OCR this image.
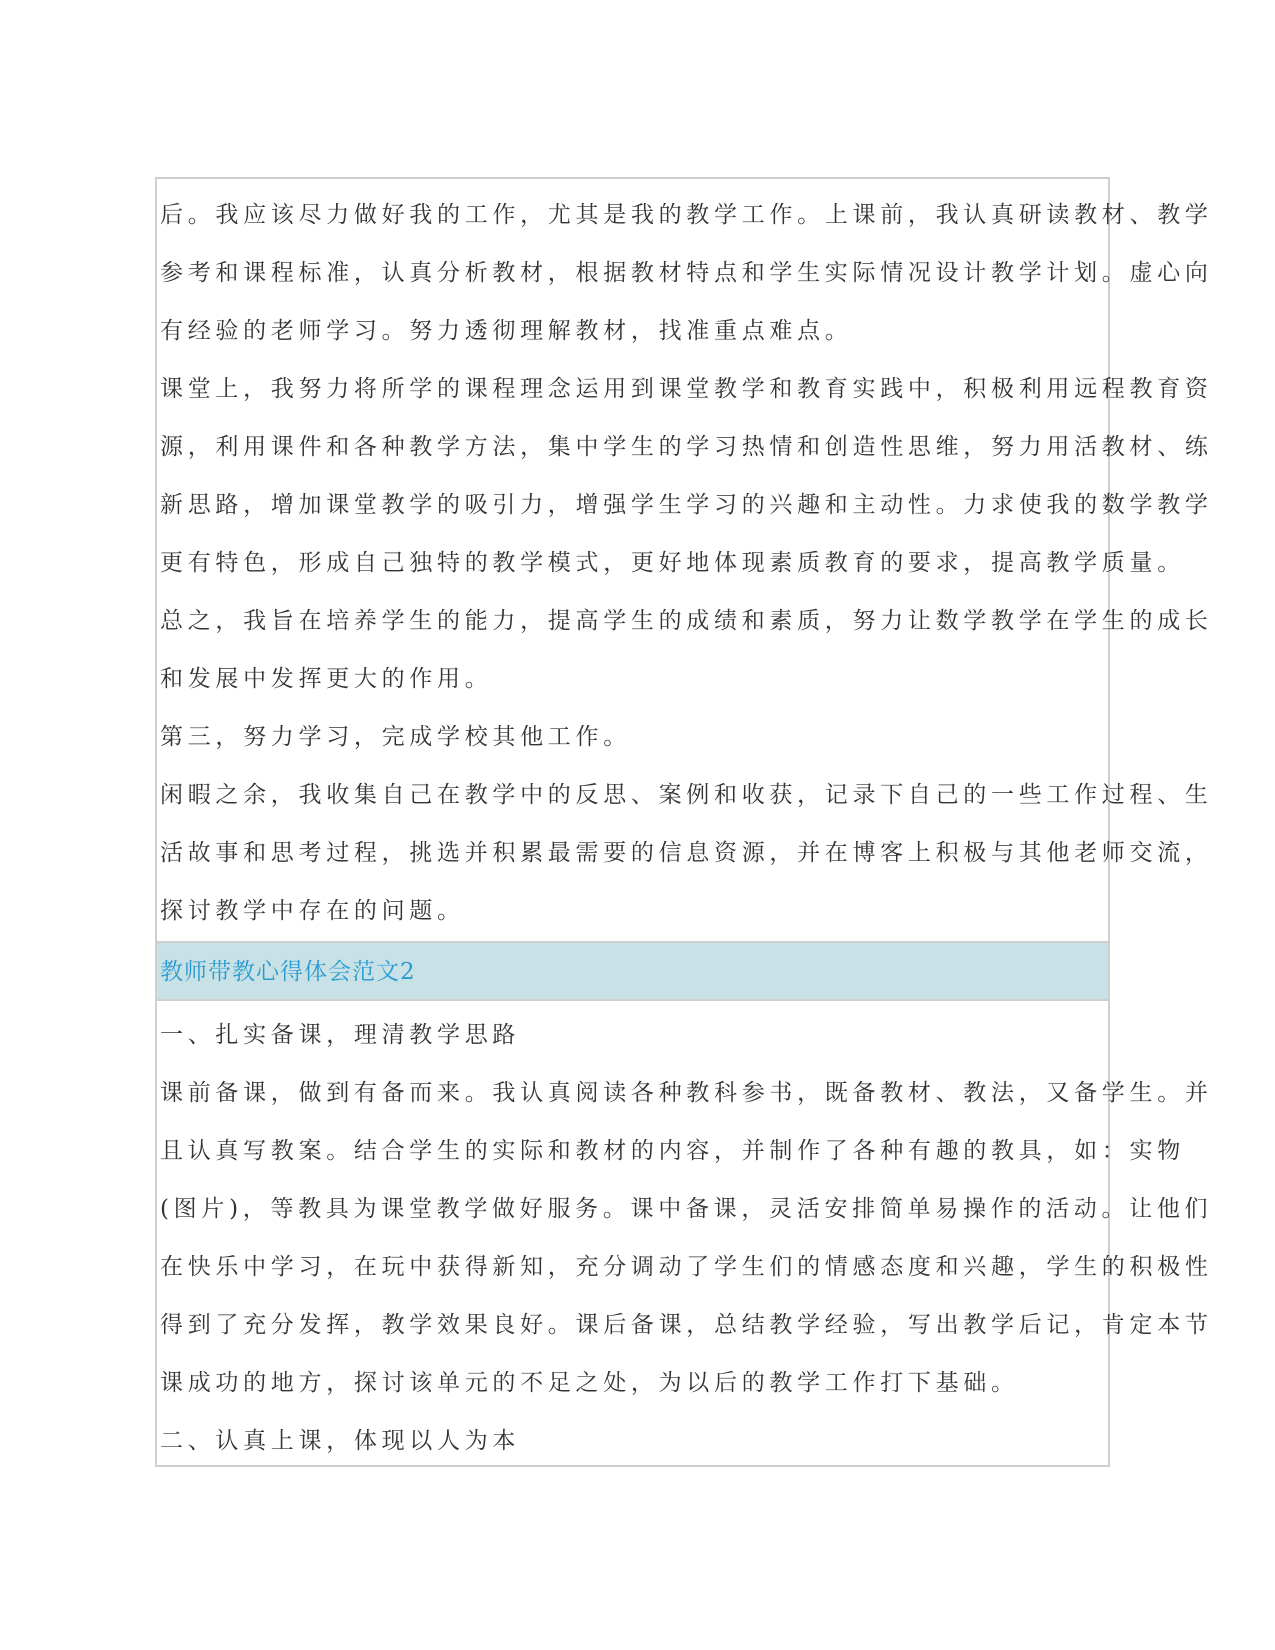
后。我应该尽力做好我的工作，尤其是我的教学工作。上课前，我认真研读教材、教学
参考和课程标准，认真分析教材，根据教材特点和学生实际情况设计教学计划。虚心向
有经验的老师学习。努力透彻理解教材，找准重点难点。
课堂上，我努力将所学的课程理念运用到课堂教学和教育实践中，积极利用远程教育资
源，利用课件和各种教学方法，集中学生的学习热情和创造性思维，努力用活教材、练
新思路，增加课堂教学的吸引力，增强学生学习的兴趣和主动性。力求使我的数学教学
更有特色，形成自己独特的教学模式，更好地体现素质教育的要求，提高教学质量。
总之，我旨在培养学生的能力，提高学生的成绩和素质，努力让数学教学在学生的成长
和发展中发挥更大的作用。
第三，努力学习，完成学校其他工作。
闲暇之余，我收集自己在教学中的反思、案例和收获，记录下自己的一些工作过程、生
活故事和思考过程，挑选并积累最需要的信息资源，并在博客上积极与其他老师交流，
探讨教学中存在的问题。
教师带教心得体会范文2
一、扎实备课，理清教学思路
课前备课，做到有备而来。我认真阅读各种教科参书，既备教材、教法，又备学生。并
且认真写教案。结合学生的实际和教材的内容，并制作了各种有趣的教具，如：实物
(图片)，等教具为课堂教学做好服务。课中备课，灵活安排简单易操作的活动。让他们
在快乐中学习，在玩中获得新知，充分调动了学生们的情感态度和兴趣，学生的积极性
得到了充分发挥，教学效果良好。课后备课，总结教学经验，写出教学后记，肯定本节
课成功的地方，探讨该单元的不足之处，为以后的教学工作打下基础。
二、认真上课，体现以人为本
